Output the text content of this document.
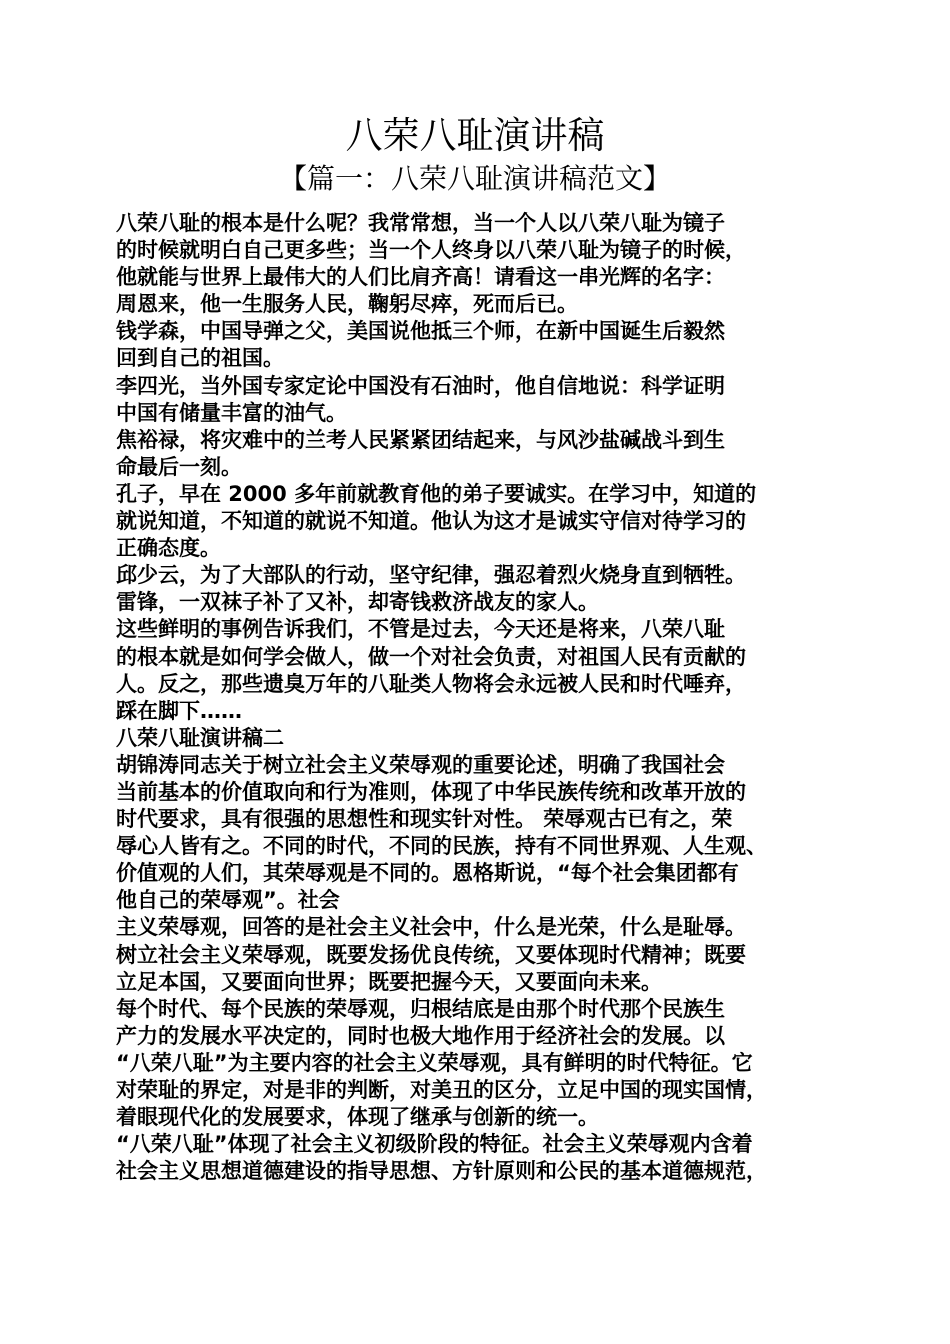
八荣八耻演讲稿
【篇一：八荣八耻演讲稿范文】
八荣八耻的根本是什么呢？我常常想，当一个人以八荣八耻为镜子
的时候就明白自己更多些；当一个人终身以八荣八耻为镜子的时候，
他就能与世界上最伟大的人们比肩齐高！请看这一串光辉的名字：
周恩来，他一生服务人民，鞠躬尽瘁，死而后已。
钱学森，中国导弹之父，美国说他抵三个师，在新中国诞生后毅然
回到自己的祖国。
李四光，当外国专家定论中国没有石油时，他自信地说：科学证明
中国有储量丰富的油气。
焦裕禄，将灾难中的兰考人民紧紧团结起来，与风沙盐碱战斗到生
命最后一刻。
孔子，早在 2000 多年前就教育他的弟子要诚实。在学习中，知道的
就说知道，不知道的就说不知道。他认为这才是诚实守信对待学习的
正确态度。
邱少云，为了大部队的行动，坚守纪律，强忍着烈火烧身直到牺牲。
雷锋，一双袜子补了又补，却寄钱救济战友的家人。
这些鲜明的事例告诉我们，不管是过去，今天还是将来，八荣八耻
的根本就是如何学会做人，做一个对社会负责，对祖国人民有贡献的
人。反之，那些遗臭万年的八耻类人物将会永远被人民和时代唾弃，
踩在脚下……
八荣八耻演讲稿二
胡锦涛同志关于树立社会主义荣辱观的重要论述，明确了我国社会
当前基本的价值取向和行为准则，体现了中华民族传统和改革开放的
时代要求，具有很强的思想性和现实针对性。 荣辱观古已有之，荣
辱心人皆有之。不同的时代，不同的民族，持有不同世界观、人生观、
价值观的人们，其荣辱观是不同的。恩格斯说，“每个社会集团都有
他自己的荣辱观”。社会
主义荣辱观，回答的是社会主义社会中，什么是光荣，什么是耻辱。
树立社会主义荣辱观，既要发扬优良传统，又要体现时代精神；既要
立足本国，又要面向世界；既要把握今天，又要面向未来。
每个时代、每个民族的荣辱观，归根结底是由那个时代那个民族生
产力的发展水平决定的，同时也极大地作用于经济社会的发展。以
“八荣八耻”为主要内容的社会主义荣辱观，具有鲜明的时代特征。它
对荣耻的界定，对是非的判断，对美丑的区分，立足中国的现实国情，
着眼现代化的发展要求，体现了继承与创新的统一。
“八荣八耻”体现了社会主义初级阶段的特征。社会主义荣辱观内含着
社会主义思想道德建设的指导思想、方针原则和公民的基本道德规范，
